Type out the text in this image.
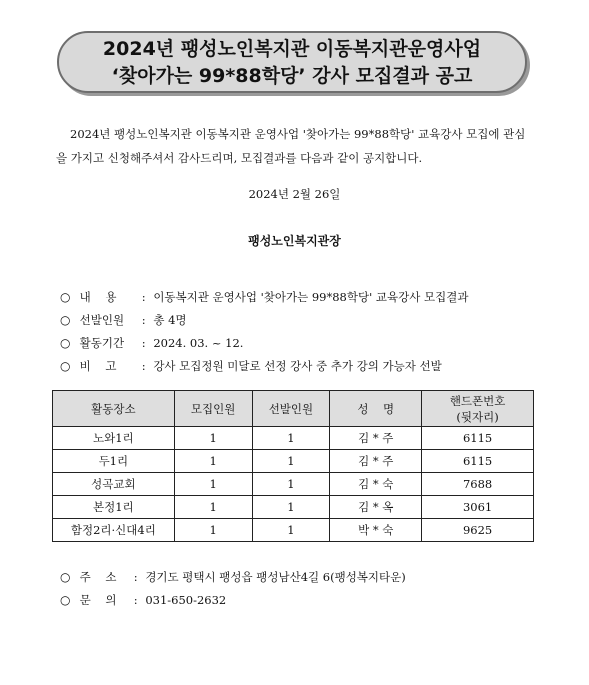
2024년 팽성노인복지관 이동복지관운영사업
‘찾아가는 99*88학당’ 강사 모집결과 공고
2024년 팽성노인복지관 이동복지관 운영사업 '찾아가는 99*88학당' 교육강사 모집에 관심을 가지고 신청해주셔서 감사드리며, 모집결과를 다음과 같이 공지합니다.
2024년 2월 26일
팽성노인복지관장
○ 내    용 : 이동복지관 운영사업 '찾아가는 99*88학당' 교육강사 모집결과
○ 선발인원 : 총 4명
○ 활동기간 : 2024. 03. ~ 12.
○ 비    고 : 강사 모집정원 미달로 선정 강사 중 추가 강의 가능자 선발
활동장소	모집인원	선발인원	성    명	핸드폰번호
(뒷자리)

노와1리	1	1	김 * 주	6115
두1리	1	1	김 * 주	6115
성곡교회	1	1	김 * 숙	7688
본정1리	1	1	김 * 옥	3061
함정2리·신대4리	1	1	박 * 숙	9625
○ 주    소 : 경기도 평택시 팽성읍 팽성남산4길 6(팽성복지타운)
○ 문    의 : 031-650-2632
